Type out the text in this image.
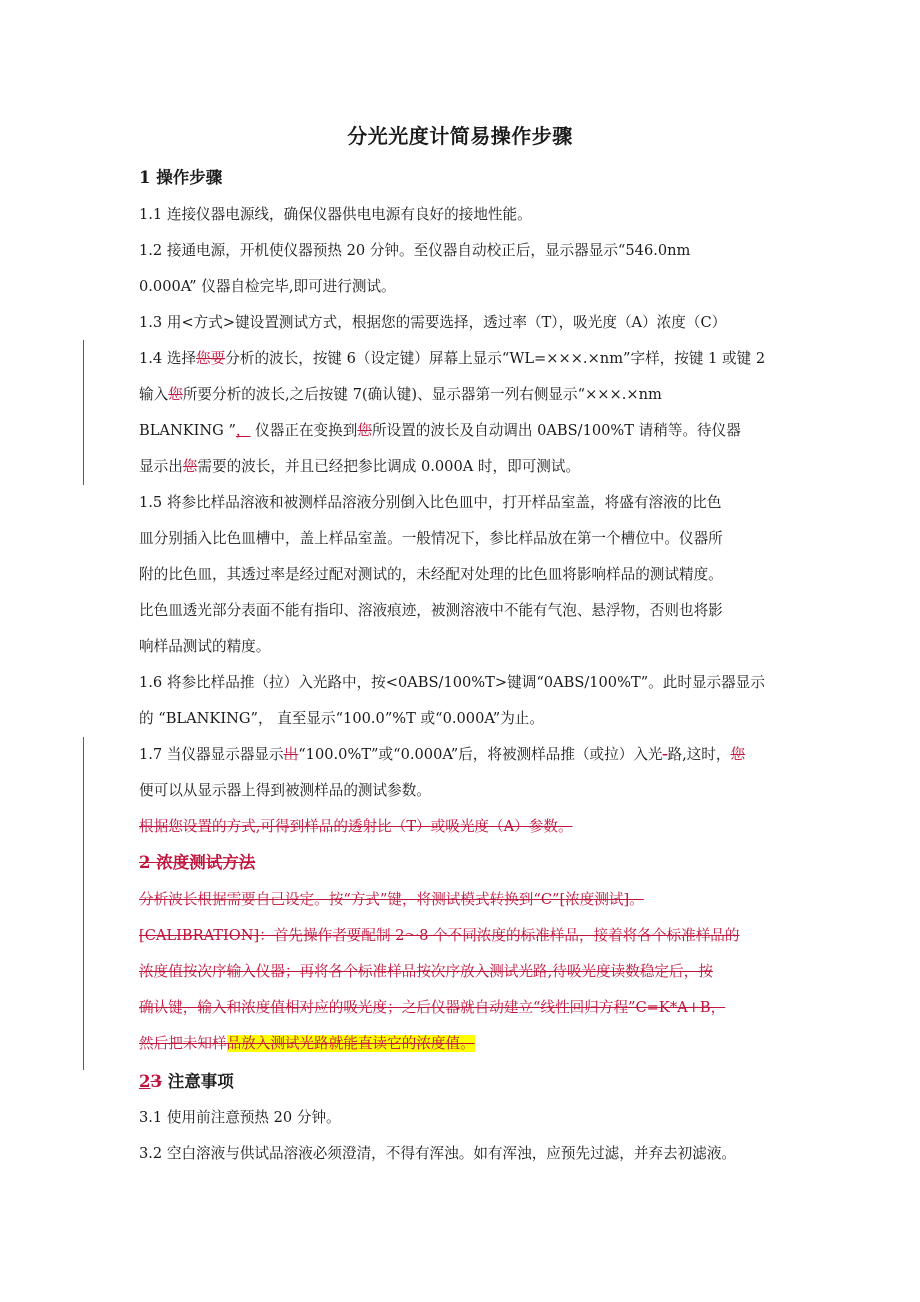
分光光度计简易操作步骤
1 操作步骤
1.1 连接仪器电源线，确保仪器供电电源有良好的接地性能。
1.2 接通电源，开机使仪器预热 20 分钟。至仪器自动校正后，显示器显示“546.0nm
0.000A” 仪器自检完毕,即可进行测试。
1.3 用<方式>键设置测试方式，根据您的需要选择，透过率（T），吸光度（A）浓度（C）
1.4 选择您要分析的波长，按键 6（设定键）屏幕上显示“WL=×××.×nm”字样，按键 1 或键 2
输入您所要分析的波长,之后按键 7(确认键)、显示器第一列右侧显示“×××.×nm
BLANKING ”， 仪器正在变换到您所设置的波长及自动调出 0ABS/100%T 请稍等。待仪器
显示出您需要的波长，并且已经把参比调成 0.000A 时，即可测试。
1.5 将参比样品溶液和被测样品溶液分别倒入比色皿中，打开样品室盖，将盛有溶液的比色
皿分别插入比色皿槽中，盖上样品室盖。一般情况下，参比样品放在第一个槽位中。仪器所
附的比色皿，其透过率是经过配对测试的，未经配对处理的比色皿将影响样品的测试精度。
比色皿透光部分表面不能有指印、溶液痕迹，被测溶液中不能有气泡、悬浮物，否则也将影
响样品测试的精度。
1.6 将参比样品推（拉）入光路中，按<0ABS/100%T>键调“0ABS/100%T”。此时显示器显示
的 “BLANKING”， 直至显示“100.0”%T 或“0.000A”为止。
1.7 当仪器显示器显示出“100.0%T”或“0.000A”后，将被测样品推（或拉）入光-路,这时，您
便可以从显示器上得到被测样品的测试参数。
根据您设置的方式,可得到样品的透射比（T）或吸光度（A）参数。
2 浓度测试方法
分析波长根据需要自己设定。按“方式”键，将测试模式转换到“C”[浓度测试]。
[CALIBRATION]：首先操作者要配制 2～8 个不同浓度的标准样品，接着将各个标准样品的
浓度值按次序输入仪器；再将各个标准样品按次序放入测试光路,待吸光度读数稳定后，按
确认键，输入和浓度值相对应的吸光度；之后仪器就自动建立“线性回归方程”C=K*A+B，
然后把未知样品放入测试光路就能直读它的浓度值。
23 注意事项
3.1 使用前注意预热 20 分钟。
3.2 空白溶液与供试品溶液必须澄清，不得有浑浊。如有浑浊，应预先过滤，并弃去初滤液。
